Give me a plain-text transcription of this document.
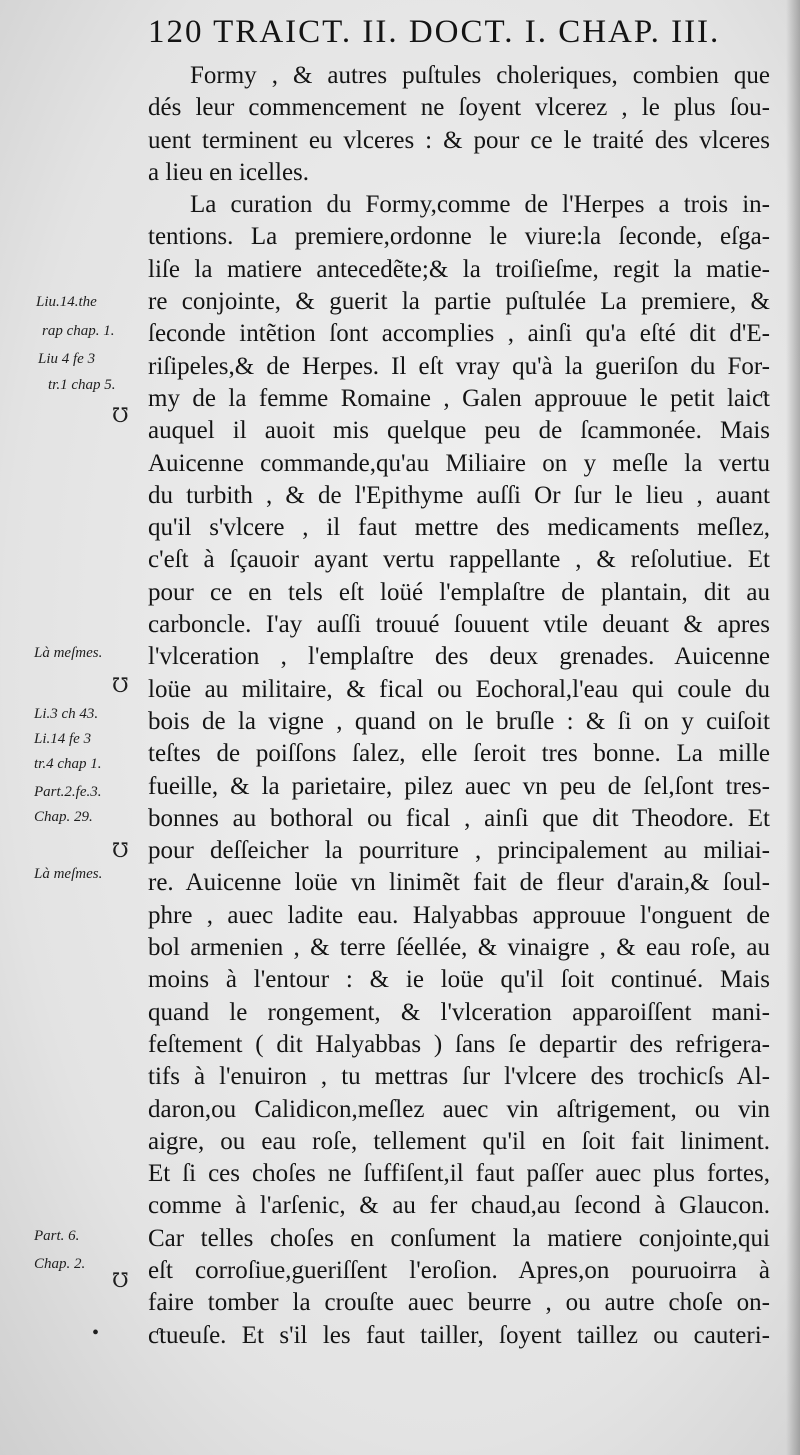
120 TRAICT. II. DOCT. I. CHAP. III.
Liu.14.the
rap chap. 1.
Liu 4 fe 3
tr.1 chap 5.
Là meſmes.
Li.3 ch 43.
Li.14 fe 3
tr.4 chap 1.
Part.2.fe.3.
Chap. 29.
Là meſmes.
Part. 6.
Chap. 2.
℧
℧
℧
℧
•
Formy , & autres puſtules choleriques, combien que
dés leur commencement ne ſoyent vlcerez , le plus ſou-
uent terminent eu vlceres : & pour ce le traité des vlceres
a lieu en icelles.
La curation du Formy,comme de l'Herpes a trois in-
tentions. La premiere,ordonne le viure:la ſeconde, eſga-
liſe la matiere antecedẽte;& la troiſieſme, regit la matie-
re conjointe, & guerit la partie puſtulée La premiere, &
ſeconde intẽtion ſont accomplies , ainſi qu'a eſté dit d'E-
riſipeles,& de Herpes. Il eſt vray qu'à la gueriſon du For-
my de la femme Romaine , Galen approuue le petit laiƈt
auquel il auoit mis quelque peu de ſcammonée. Mais
Auicenne commande,qu'au Miliaire on y meſle la vertu
du turbith , & de l'Epithyme auſſi Or ſur le lieu , auant
qu'il s'vlcere , il faut mettre des medicaments meſlez,
c'eſt à ſçauoir ayant vertu rappellante , & reſolutiue. Et
pour ce en tels eſt loüé l'emplaſtre de plantain, dit au
carboncle. I'ay auſſi trouué ſouuent vtile deuant & apres
l'vlceration , l'emplaſtre des deux grenades. Auicenne
loüe au militaire, & fical ou Eochoral,l'eau qui coule du
bois de la vigne , quand on le bruſle : & ſi on y cuiſoit
teſtes de poiſſons ſalez, elle ſeroit tres bonne. La mille
fueille, & la parietaire, pilez auec vn peu de ſel,ſont tres-
bonnes au bothoral ou fical , ainſi que dit Theodore. Et
pour deſſeicher la pourriture , principalement au miliai-
re. Auicenne loüe vn linimẽt fait de fleur d'arain,& ſoul-
phre , auec ladite eau. Halyabbas approuue l'onguent de
bol armenien , & terre ſéellée, & vinaigre , & eau roſe, au
moins à l'entour : & ie loüe qu'il ſoit continué. Mais
quand le rongement, & l'vlceration apparoiſſent mani-
feſtement ( dit Halyabbas ) ſans ſe departir des refrigera-
tifs à l'enuiron , tu mettras ſur l'vlcere des trochicſs Al-
daron,ou Calidicon,meſlez auec vin aſtrigement, ou vin
aigre, ou eau roſe, tellement qu'il en ſoit fait liniment.
Et ſi ces choſes ne ſuffiſent,il faut paſſer auec plus fortes,
comme à l'arſenic, & au fer chaud,au ſecond à Glaucon.
Car telles choſes en conſument la matiere conjointe,qui
eſt corroſiue,gueriſſent l'eroſion. Apres,on pouruoirra à
faire tomber la crouſte auec beurre , ou autre choſe on-
ƈtueuſe. Et s'il les faut tailler, ſoyent taillez ou cauteri-
